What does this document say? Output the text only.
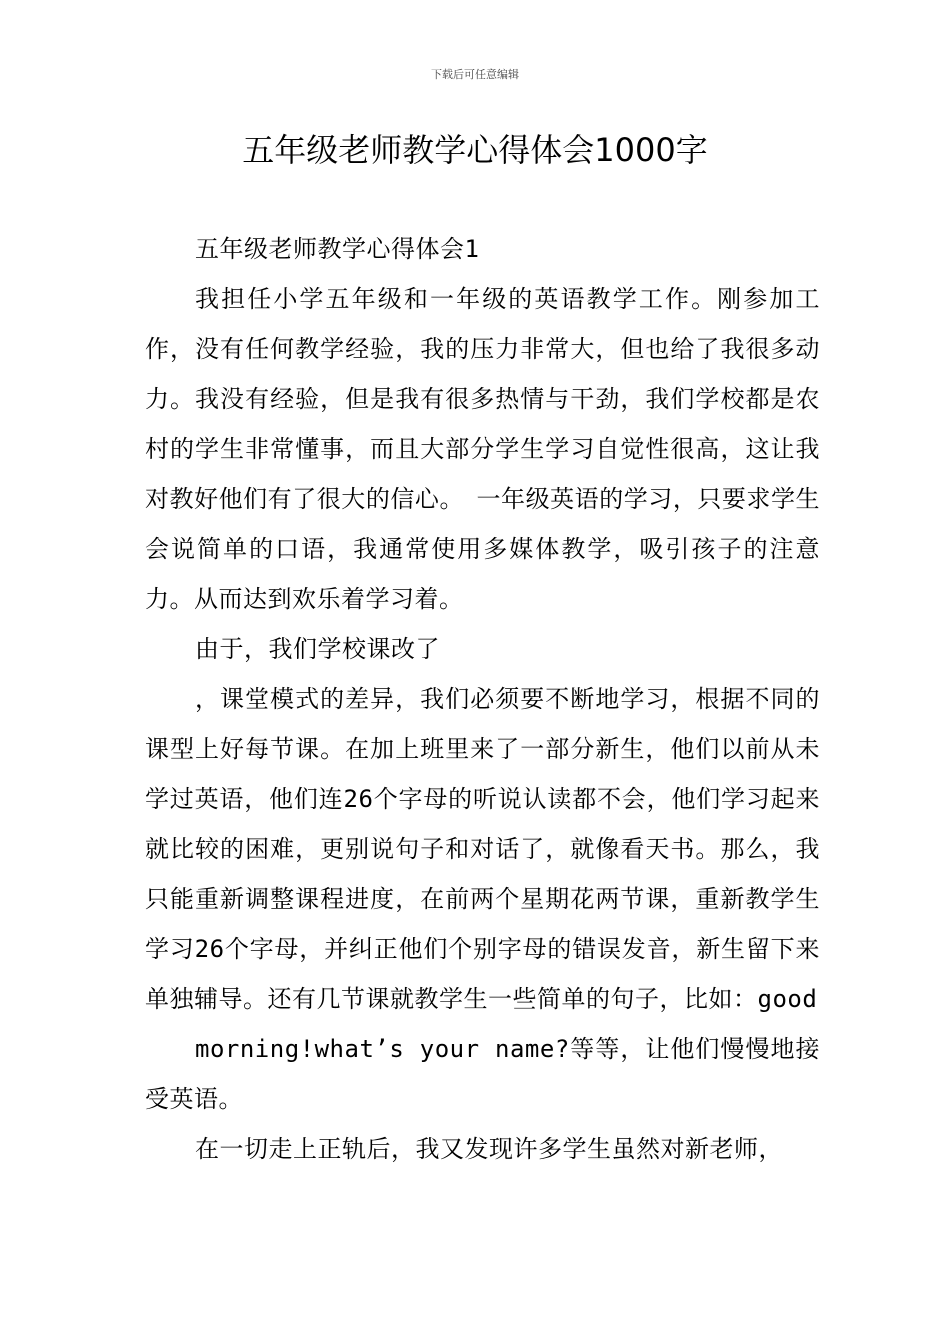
下载后可任意编辑
五年级老师教学心得体会1000字

五年级老师教学心得体会1

我担任小学五年级和一年级的英语教学工作。刚参加工作，没有任何教学经验，我的压力非常大，但也给了我很多动力。我没有经验，但是我有很多热情与干劲，我们学校都是农村的学生非常懂事，而且大部分学生学习自觉性很高，这让我对教好他们有了很大的信心。　一年级英语的学习，只要求学生会说简单的口语，我通常使用多媒体教学，吸引孩子的注意力。从而达到欢乐着学习着。

由于，我们学校课改了

，课堂模式的差异，我们必须要不断地学习，根据不同的课型上好每节课。在加上班里来了一部分新生，他们以前从未学过英语，他们连26个字母的听说认读都不会，他们学习起来就比较的困难，更别说句子和对话了，就像看天书。那么，我只能重新调整课程进度，在前两个星期花两节课，重新教学生学习26个字母，并纠正他们个别字母的错误发音，新生留下来单独辅导。还有几节课就教学生一些简单的句子，比如：good

morning!what’s your name?等等，让他们慢慢地接受英语。

在一切走上正轨后，我又发现许多学生虽然对新老师，
